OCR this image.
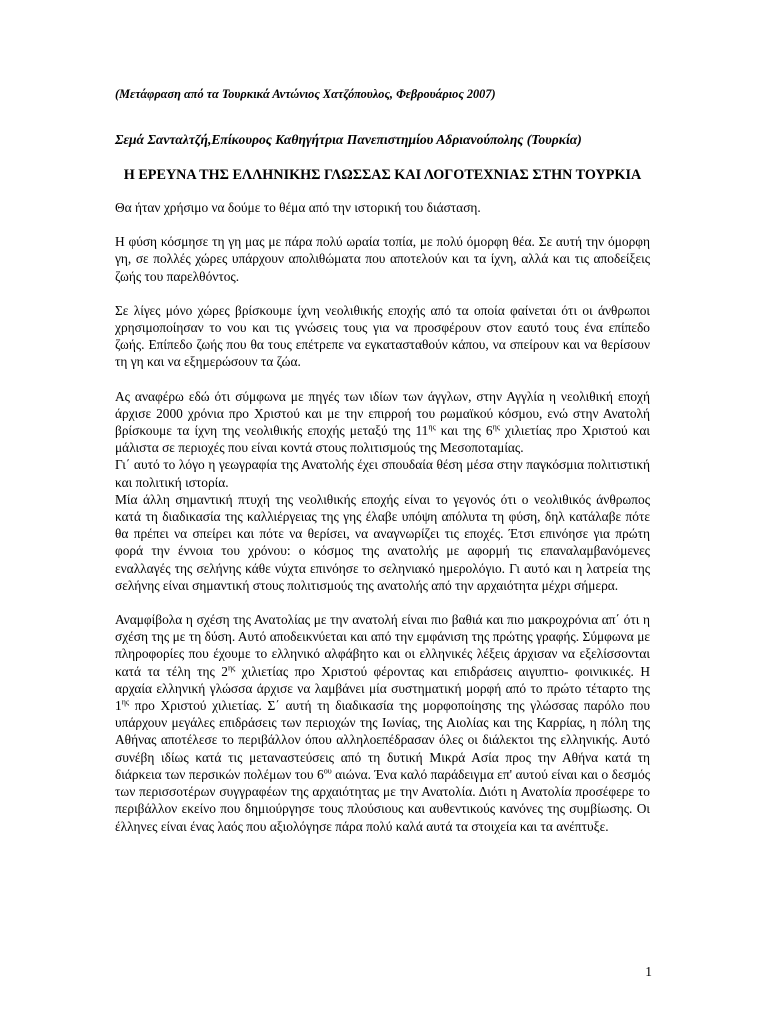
(Μετάφραση από τα Τουρκικά Αντώνιος Χατζόπουλος, Φεβρουάριος 2007)

Σεμά Σανταλτζή,Επίκουρος Καθηγήτρια Πανεπιστημίου Αδριανούπολης (Τουρκία)

Η ΕΡΕΥΝΑ ΤΗΣ ΕΛΛΗΝΙΚΗΣ ΓΛΩΣΣΑΣ ΚΑΙ ΛΟΓΟΤΕΧΝΙΑΣ ΣΤΗΝ ΤΟΥΡΚΙΑ

Θα ήταν χρήσιμο να δούμε το θέμα από την ιστορική του διάσταση.

Η φύση κόσμησε τη γη μας με πάρα πολύ ωραία τοπία, με πολύ όμορφη θέα. Σε αυτή την όμορφη γη, σε πολλές χώρες υπάρχουν απολιθώματα που αποτελούν και τα ίχνη, αλλά και τις αποδείξεις ζωής του παρελθόντος.

Σε λίγες μόνο χώρες βρίσκουμε ίχνη νεολιθικής εποχής από τα οποία φαίνεται ότι οι άνθρωποι χρησιμοποίησαν το νου και τις γνώσεις τους για να προσφέρουν στον εαυτό τους ένα επίπεδο ζωής. Επίπεδο ζωής που θα τους επέτρεπε να εγκατασταθούν κάπου, να σπείρουν και να θερίσουν τη γη και να εξημερώσουν τα ζώα.

Ας αναφέρω εδώ ότι σύμφωνα με πηγές των ιδίων των άγγλων, στην Αγγλία η νεολιθική εποχή άρχισε 2000 χρόνια προ Χριστού και με την επιρροή του ρωμαϊκού κόσμου, ενώ στην Ανατολή βρίσκουμε τα ίχνη της νεολιθικής εποχής μεταξύ της $11^{\eta\varsigma}$ και της $6^{\eta\varsigma}$ χιλιετίας προ Χριστού και μάλιστα σε περιοχές που είναι κοντά στους πολιτισμούς της Μεσοποταμίας.

Γι΄ αυτό το λόγο η γεωγραφία της Ανατολής έχει σπουδαία θέση μέσα στην παγκόσμια πολιτιστική και πολιτική ιστορία.

Μία άλλη σημαντική πτυχή της νεολιθικής εποχής είναι το γεγονός ότι ο νεολιθικός άνθρωπος κατά τη διαδικασία της καλλιέργειας της γης έλαβε υπόψη απόλυτα τη φύση, δηλ κατάλαβε πότε θα πρέπει να σπείρει και πότε να θερίσει, να αναγνωρίζει τις εποχές. Έτσι επινόησε για πρώτη φορά την έννοια του χρόνου: ο κόσμος της ανατολής με αφορμή τις επαναλαμβανόμενες εναλλαγές της σελήνης κάθε νύχτα επινόησε το σεληνιακό ημερολόγιο. Γι αυτό και η λατρεία της σελήνης είναι σημαντική στους πολιτισμούς της ανατολής από την αρχαιότητα μέχρι σήμερα.

Αναμφίβολα η σχέση της Ανατολίας με την ανατολή είναι πιο βαθιά και πιο μακροχρόνια απ΄ ότι η σχέση της με τη δύση. Αυτό αποδεικνύεται και από την εμφάνιση της πρώτης γραφής. Σύμφωνα με πληροφορίες που έχουμε το ελληνικό αλφάβητο και οι ελληνικές λέξεις άρχισαν να εξελίσσονται κατά τα τέλη της $2^{\eta\varsigma}$ χιλιετίας προ Χριστού φέροντας και επιδράσεις αιγυπτιο- φοινικικές. Η αρχαία ελληνική γλώσσα άρχισε να λαμβάνει μία συστηματική μορφή από το πρώτο τέταρτο της $1^{\eta\varsigma}$ προ Χριστού χιλιετίας. Σ΄ αυτή τη διαδικασία της μορφοποίησης της γλώσσας παρόλο που υπάρχουν μεγάλες επιδράσεις των περιοχών της Ιωνίας, της Αιολίας και της Καρρίας, η πόλη της Αθήνας αποτέλεσε το περιβάλλον όπου αλληλοεπέδρασαν όλες οι διάλεκτοι της ελληνικής. Αυτό συνέβη ιδίως κατά τις μεταναστεύσεις από τη δυτική Μικρά Ασία προς την Αθήνα κατά τη διάρκεια των περσικών πολέμων του $6^{o\upsilon}$ αιώνα. Ένα καλό παράδειγμα επ' αυτού είναι και ο δεσμός των περισσοτέρων συγγραφέων της αρχαιότητας με την Ανατολία. Διότι η Ανατολία προσέφερε το περιβάλλον εκείνο που δημιούργησε τους πλούσιους και αυθεντικούς κανόνες της συμβίωσης. Οι έλληνες είναι ένας λαός που αξιολόγησε πάρα πολύ καλά αυτά τα στοιχεία και τα ανέπτυξε.

1
